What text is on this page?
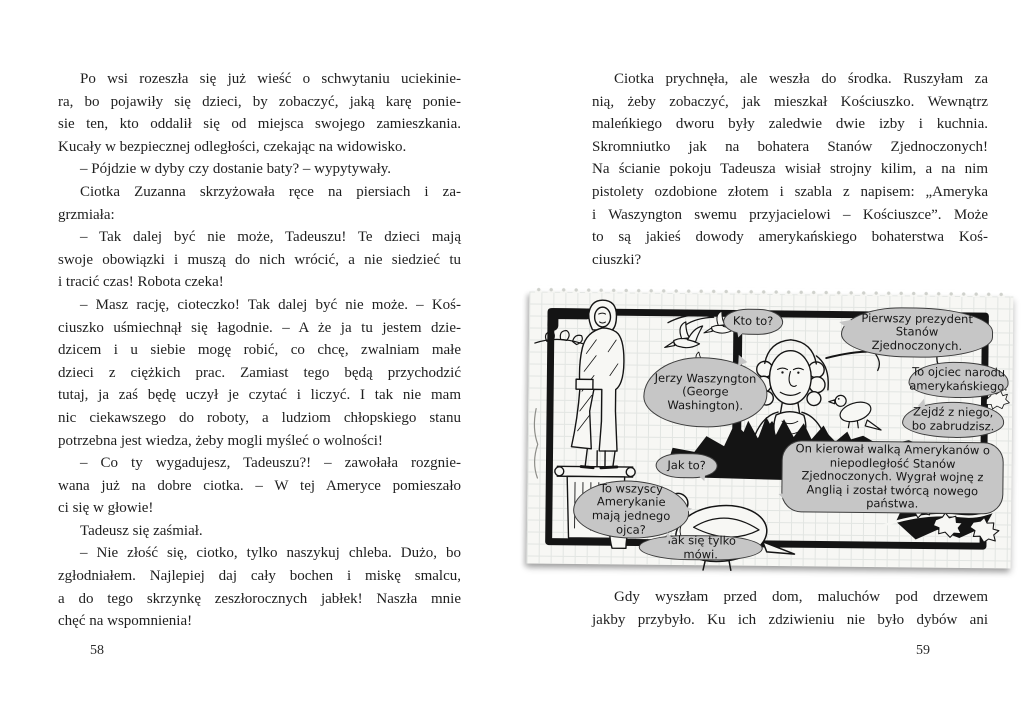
Po wsi rozeszła się już wieść o schwytaniu uciekinie-
ra, bo pojawiły się dzieci, by zobaczyć, jaką karę ponie-
sie ten, kto oddalił się od miejsca swojego zamieszkania.
Kucały w bezpiecznej odległości, czekając na widowisko.
– Pójdzie w dyby czy dostanie baty? – wypytywały.
Ciotka Zuzanna skrzyżowała ręce na piersiach i za-
grzmiała:
– Tak dalej być nie może, Tadeuszu! Te dzieci mają
swoje obowiązki i muszą do nich wrócić, a nie siedzieć tu
i tracić czas! Robota czeka!
– Masz rację, cioteczko! Tak dalej być nie może. – Koś-
ciuszko uśmiechnął się łagodnie. – A że ja tu jestem dzie-
dzicem i u siebie mogę robić, co chcę, zwalniam małe
dzieci z ciężkich prac. Zamiast tego będą przychodzić
tutaj, ja zaś będę uczył je czytać i liczyć. I tak nie mam
nic ciekawszego do roboty, a ludziom chłopskiego stanu
potrzebna jest wiedza, żeby mogli myśleć o wolności!
– Co ty wygadujesz, Tadeuszu?! – zawołała rozgnie-
wana już na dobre ciotka. – W tej Ameryce pomieszało
ci się w głowie!
Tadeusz się zaśmiał.
– Nie złość się, ciotko, tylko naszykuj chleba. Dużo, bo
zgłodniałem. Najlepiej daj cały bochen i miskę smalcu,
a do tego skrzynkę zeszłorocznych jabłek! Naszła mnie
chęć na wspomnienia!
58
Ciotka prychnęła, ale weszła do środka. Ruszyłam za
nią, żeby zobaczyć, jak mieszkał Kościuszko. Wewnątrz
maleńkiego dworu były zaledwie dwie izby i kuchnia.
Skromniutko jak na bohatera Stanów Zjednoczonych!
Na ścianie pokoju Tadeusza wisiał strojny kilim, a na nim
pistolety ozdobione złotem i szabla z napisem: „Ameryka
i Waszyngton swemu przyjacielowi – Kościuszce”. Może
to są jakieś dowody amerykańskiego bohaterstwa Koś-
ciuszki?
Kto to?
Jerzy Waszyngton (George Washington).
Pierwszy prezydent Stanów Zjednoczonych.
To ojciec narodu amerykańskiego.
Zejdź z niego, bo zabrudzisz.
On kierował walką Amerykanów o niepodległość Stanów Zjednoczonych. Wygrał wojnę z Anglią i został twórcą nowego państwa.
Jak to?
To wszyscy Amerykanie mają jednego ojca?
Tak się tylko mówi.
Gdy wyszłam przed dom, maluchów pod drzewem
jakby przybyło. Ku ich zdziwieniu nie było dybów ani
59
